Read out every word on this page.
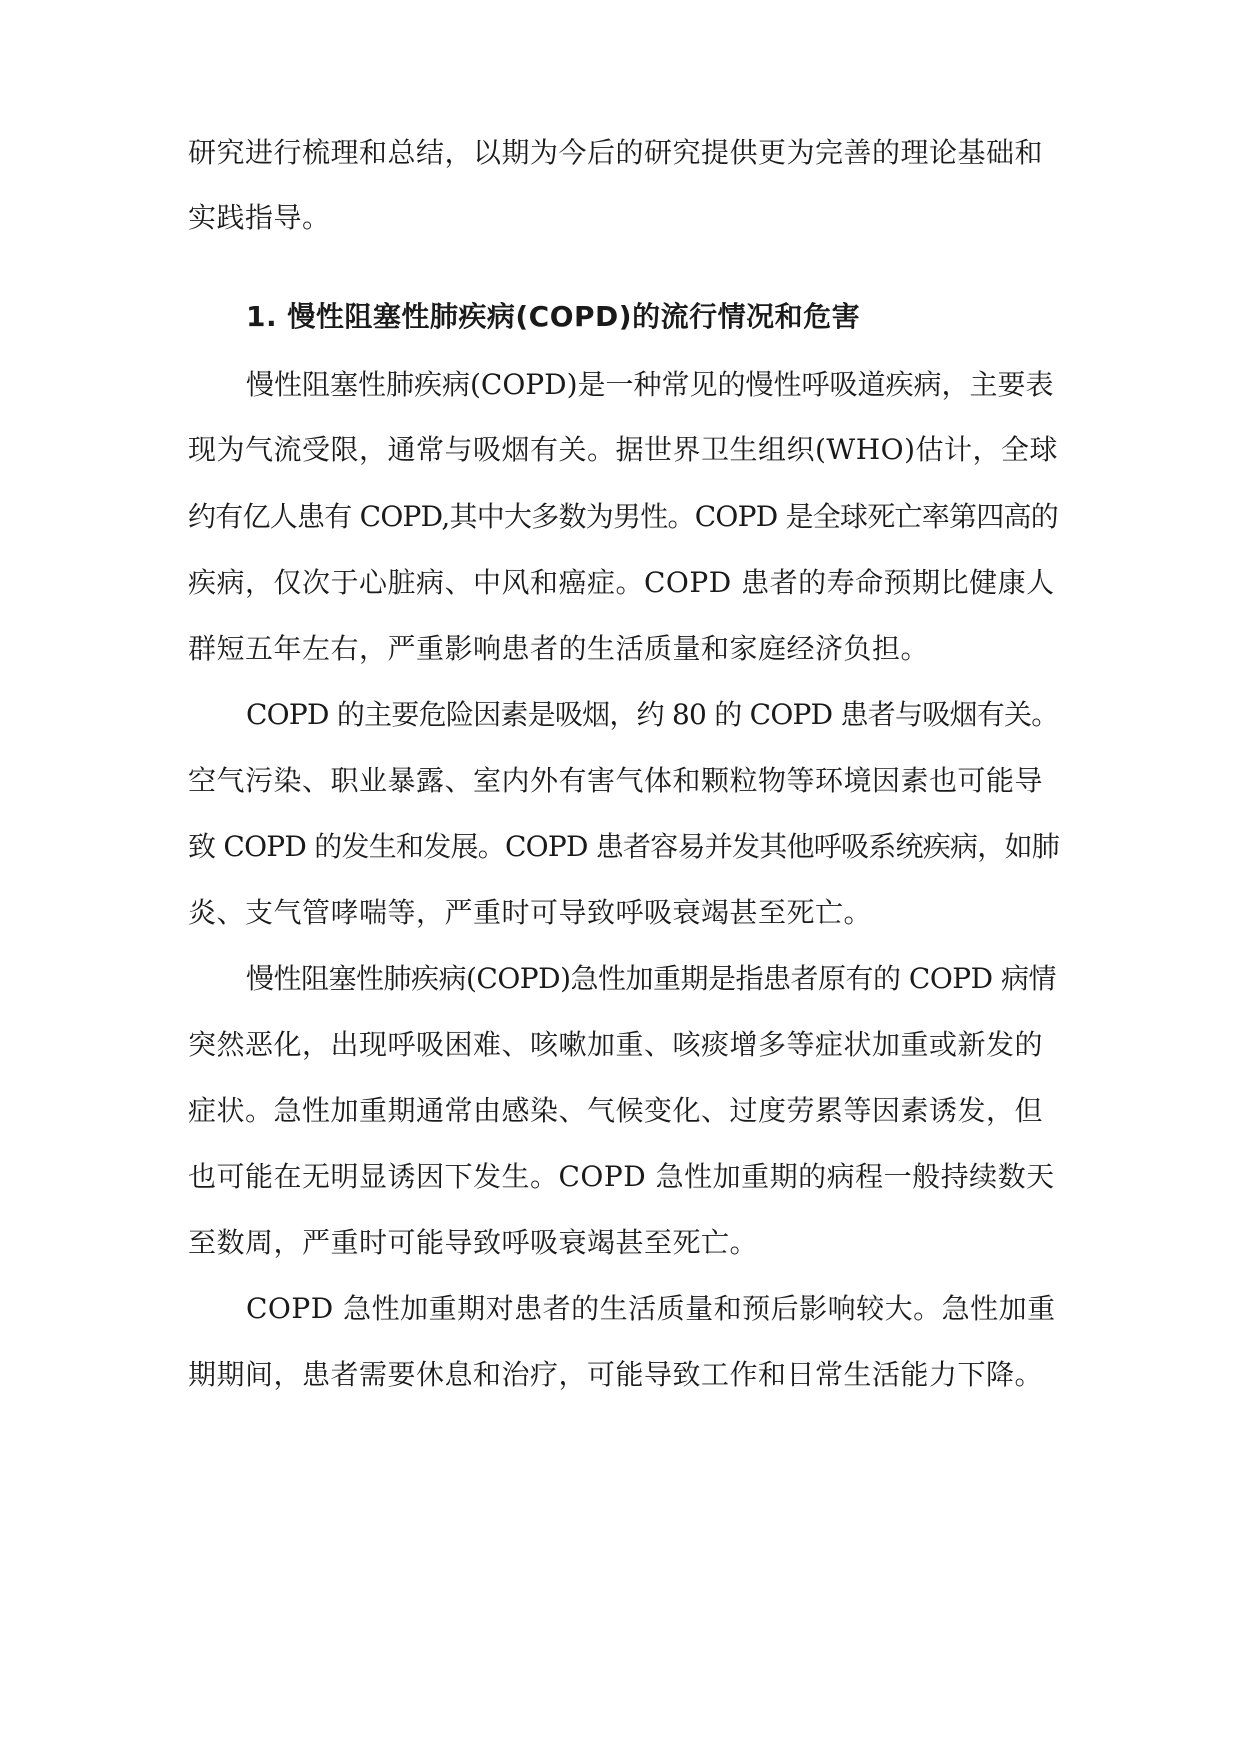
研究进行梳理和总结，以期为今后的研究提供更为完善的理论基础和
实践指导。
1. 慢性阻塞性肺疾病(COPD)的流行情况和危害
慢性阻塞性肺疾病(COPD)是一种常见的慢性呼吸道疾病，主要表
现为气流受限，通常与吸烟有关。据世界卫生组织(WHO)估计，全球
约有亿人患有 COPD,其中大多数为男性。COPD 是全球死亡率第四高的
疾病，仅次于心脏病、中风和癌症。COPD 患者的寿命预期比健康人
群短五年左右，严重影响患者的生活质量和家庭经济负担。
COPD 的主要危险因素是吸烟，约 80 的 COPD 患者与吸烟有关。
空气污染、职业暴露、室内外有害气体和颗粒物等环境因素也可能导
致 COPD 的发生和发展。COPD 患者容易并发其他呼吸系统疾病，如肺
炎、支气管哮喘等，严重时可导致呼吸衰竭甚至死亡。
慢性阻塞性肺疾病(COPD)急性加重期是指患者原有的 COPD 病情
突然恶化，出现呼吸困难、咳嗽加重、咳痰增多等症状加重或新发的
症状。急性加重期通常由感染、气候变化、过度劳累等因素诱发，但
也可能在无明显诱因下发生。COPD 急性加重期的病程一般持续数天
至数周，严重时可能导致呼吸衰竭甚至死亡。
COPD 急性加重期对患者的生活质量和预后影响较大。急性加重
期期间，患者需要休息和治疗，可能导致工作和日常生活能力下降。
